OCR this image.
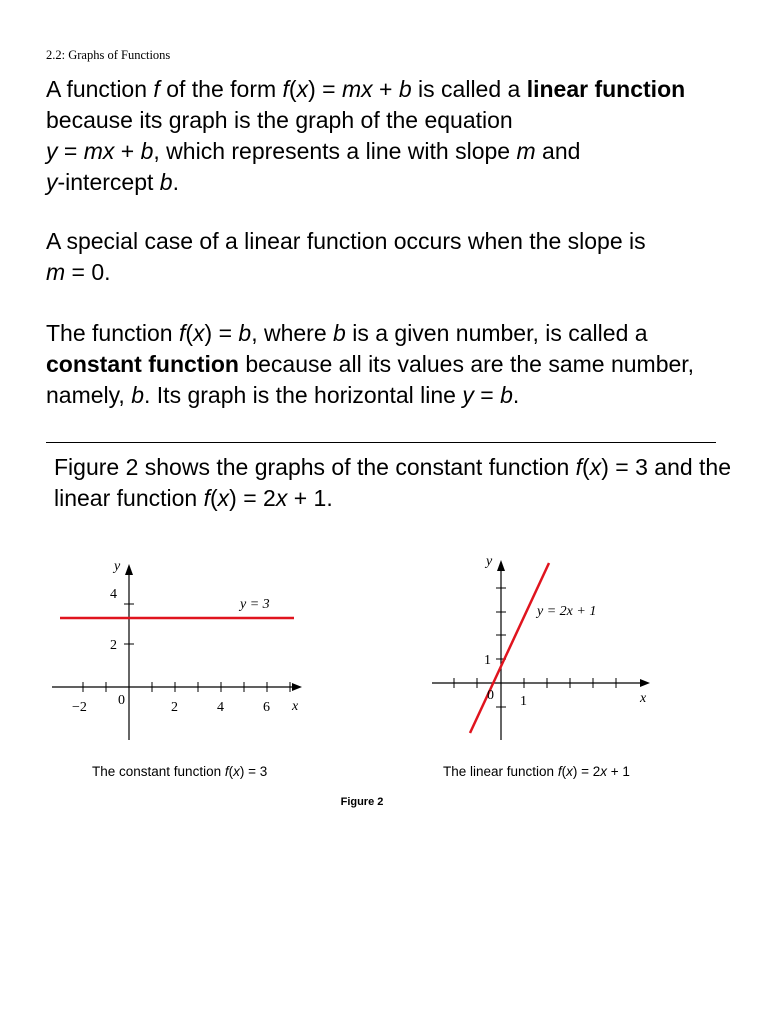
2.2: Graphs of Functions

A function f of the form f(x) = mx + b is called a linear function because its graph is the graph of the equation
y = mx + b, which represents a line with slope m and
y-intercept b.

A special case of a linear function occurs when the slope is
m = 0.

The function f(x) = b, where b is a given number, is called a
constant function because all its values are the same number, namely, b. Its graph is the horizontal line y = b.

Figure 2 shows the graphs of the constant function f(x) = 3 and the linear function f(x) = 2x + 1.

y = 3
y
x
0
4
2
−2	2	4	6
y = 2x + 1
y
x
0
1
1
The constant function f(x) = 3	The linear function f(x) = 2x + 1
Figure 2
